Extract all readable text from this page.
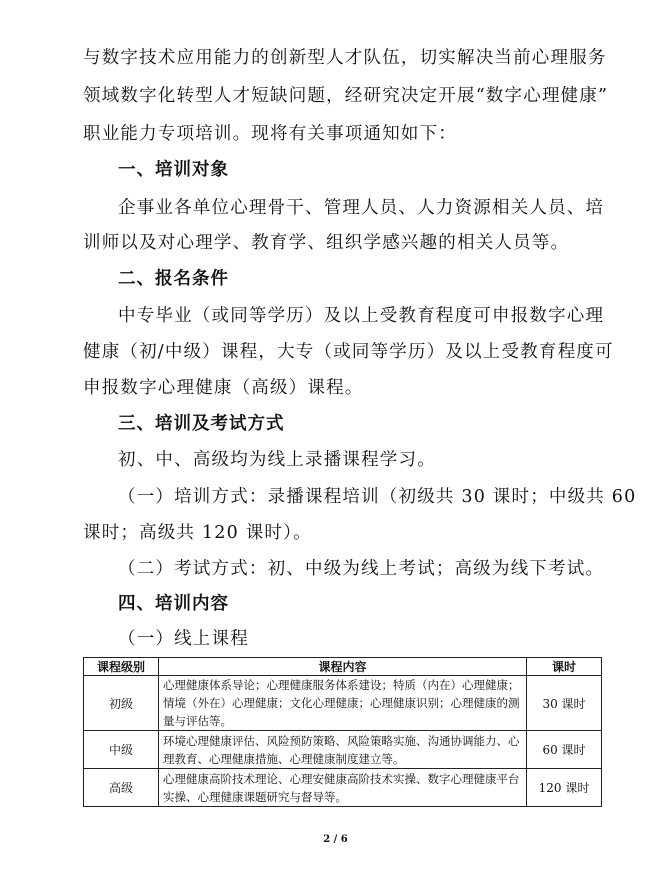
与数字技术应用能力的创新型人才队伍，切实解决当前心理服务
领域数字化转型人才短缺问题，经研究决定开展“数字心理健康”
职业能力专项培训。现将有关事项通知如下：
一、培训对象
企事业各单位心理骨干、管理人员、人力资源相关人员、培
训师以及对心理学、教育学、组织学感兴趣的相关人员等。
二、报名条件
中专毕业（或同等学历）及以上受教育程度可申报数字心理
健康（初/中级）课程，大专（或同等学历）及以上受教育程度可
申报数字心理健康（高级）课程。
三、培训及考试方式
初、中、高级均为线上录播课程学习。
（一）培训方式：录播课程培训（初级共 30 课时；中级共 60
课时；高级共 120 课时）。
（二）考试方式：初、中级为线上考试；高级为线下考试。
四、培训内容
（一）线上课程
课程级别	课程内容	课时
初级	心理健康体系导论；心理健康服务体系建设；特质（内在）心理健康；情境（外在）心理健康；文化心理健康；心理健康识别；心理健康的测量与评估等。	30 课时
中级	环境心理健康评估、风险预防策略、风险策略实施、沟通协调能力、心理教育、心理健康措施、心理健康制度建立等。	60 课时
高级	心理健康高阶技术理论、心理安健康高阶技术实操、数字心理健康平台实操、心理健康课题研究与督导等。	120 课时
2 / 6
